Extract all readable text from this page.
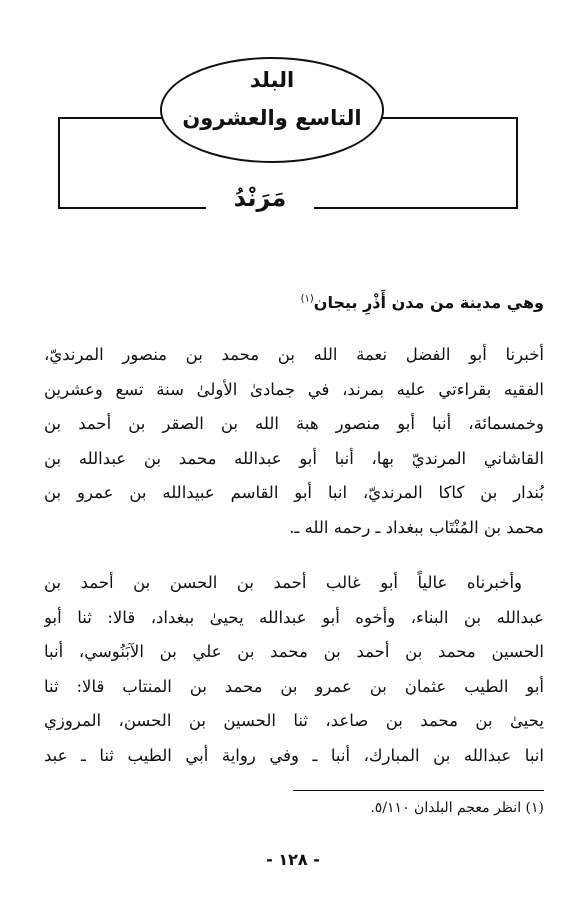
البلد
التاسع والعشرون
مَرَنْدُ
وهي مدينة من مدن أَذْرِ بيجان$^{(١)}$
أخبرنا أبو الفضل نعمة الله بن محمد بن منصور المرنديّ،
الفقيه بقراءتي عليه بمرند، في جمادىٰ الأولىٰ سنة تسع وعشرين
وخمسمائة، أنبا أبو منصور هبة الله بن الصقر بن أحمد بن
القاشاني المرنديّ بها، أنبا أبو عبدالله محمد بن عبدالله بن
بُندار بن كاكا المرنديّ، انبا أبو القاسم عبيدالله بن عمرو بن
محمد بن المُنْتَاب ببغداد ـ رحمه الله ـ.
وأخبرناه عالياً أبو غالب أحمد بن الحسن بن أحمد بن
عبدالله بن البناء، وأخوه أبو عبدالله يحيىٰ ببغداد، قالا: ثنا أبو
الحسين محمد بن أحمد بن محمد بن علي بن الآبَنُوسي، أنبا
أبو الطيب عثمان بن عمرو بن محمد بن المنتاب قالا: ثنا
يحيىٰ بن محمد بن صاعد، ثنا الحسين بن الحسن، المروزي
انبا عبدالله بن المبارك، أنبا ـ وفي رواية أبي الطيب ثنا ـ عبد
(١) انظر معجم البلدان ٥/١١٠.
- ١٢٨ -
